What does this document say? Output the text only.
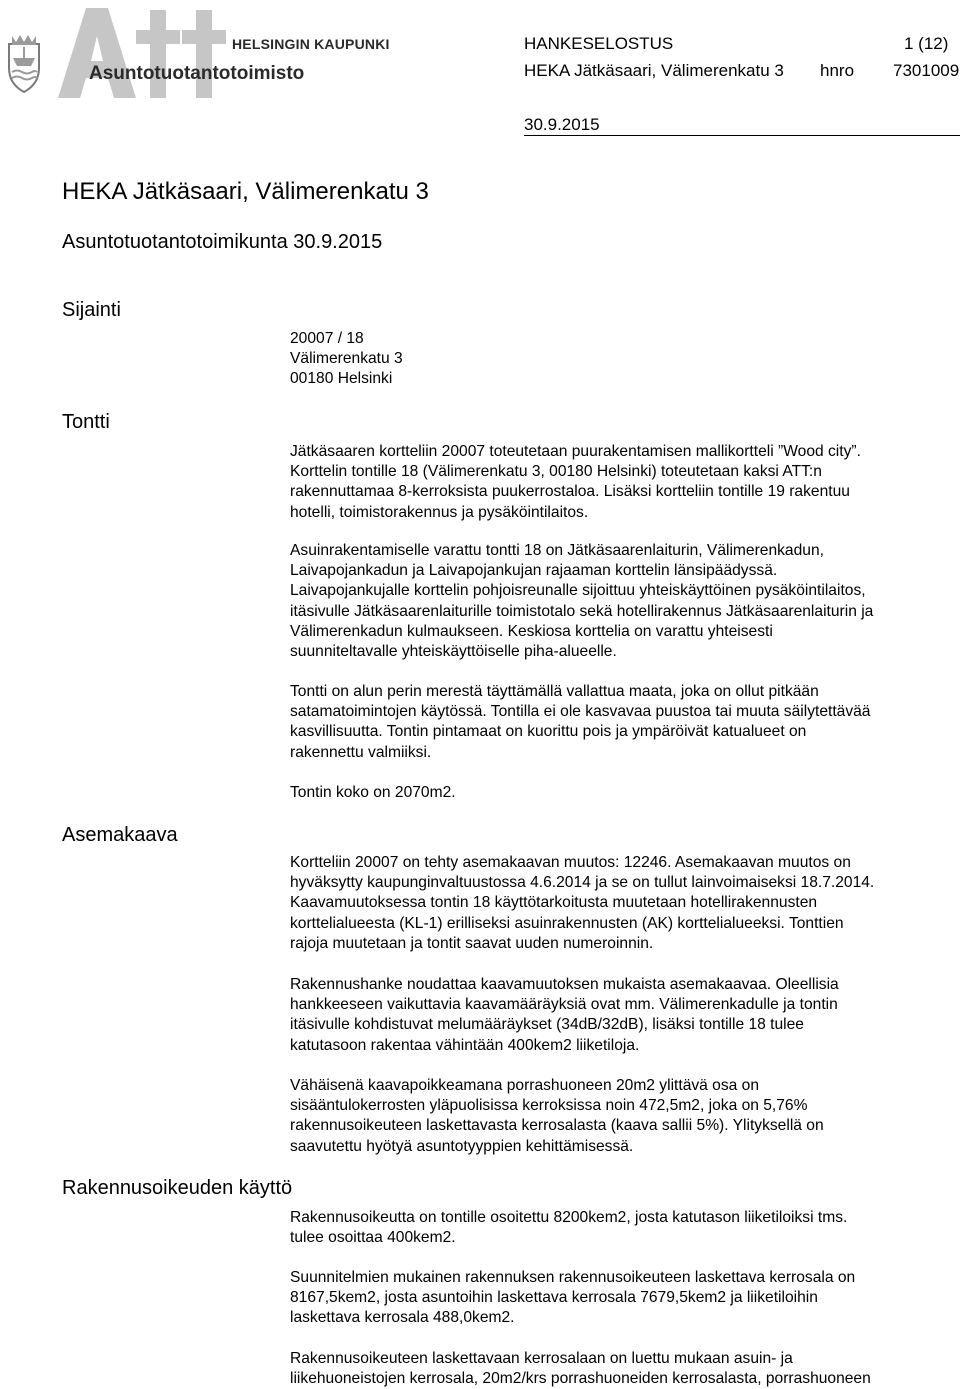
HELSINGIN KAUPUNKI
Asuntotuotantotoimisto
HANKESELOSTUS	1 (12)
HEKA Jätkäsaari, Välimerenkatu 3 hnro 7301009
30.9.2015
HEKA Jätkäsaari, Välimerenkatu 3
Asuntotuotantotoimikunta 30.9.2015
Sijainti
Tontti
Asemakaava
Rakennusoikeuden käyttö
20007 / 18
Välimerenkatu 3
00180 Helsinki
Jätkäsaaren kortteliin 20007 toteutetaan puurakentamisen mallikortteli ”Wood city”.
Korttelin tontille 18 (Välimerenkatu 3, 00180 Helsinki) toteutetaan kaksi ATT:n
rakennuttamaa 8-kerroksista puukerrostaloa. Lisäksi kortteliin tontille 19 rakentuu
hotelli, toimistorakennus ja pysäköintilaitos.
Asuinrakentamiselle varattu tontti 18 on Jätkäsaarenlaiturin, Välimerenkadun,
Laivapojankadun ja Laivapojankujan rajaaman korttelin länsipäädyssä.
Laivapojankujalle korttelin pohjoisreunalle sijoittuu yhteiskäyttöinen pysäköintilaitos,
itäsivulle Jätkäsaarenlaiturille toimistotalo sekä hotellirakennus Jätkäsaarenlaiturin ja
Välimerenkadun kulmaukseen. Keskiosa korttelia on varattu yhteisesti
suunniteltavalle yhteiskäyttöiselle piha-alueelle.
Tontti on alun perin merestä täyttämällä vallattua maata, joka on ollut pitkään
satamatoimintojen käytössä. Tontilla ei ole kasvavaa puustoa tai muuta säilytettävää
kasvillisuutta. Tontin pintamaat on kuorittu pois ja ympäröivät katualueet on
rakennettu valmiiksi.
Tontin koko on 2070m2.
Kortteliin 20007 on tehty asemakaavan muutos: 12246. Asemakaavan muutos on
hyväksytty kaupunginvaltuustossa 4.6.2014 ja se on tullut lainvoimaiseksi 18.7.2014.
Kaavamuutoksessa tontin 18 käyttötarkoitusta muutetaan hotellirakennusten
korttelialueesta (KL-1) erilliseksi asuinrakennusten (AK) korttelialueeksi. Tonttien
rajoja muutetaan ja tontit saavat uuden numeroinnin.
Rakennushanke noudattaa kaavamuutoksen mukaista asemakaavaa. Oleellisia
hankkeeseen vaikuttavia kaavamääräyksiä ovat mm. Välimerenkadulle ja tontin
itäsivulle kohdistuvat melumääräykset (34dB/32dB), lisäksi tontille 18 tulee
katutasoon rakentaa vähintään 400kem2 liiketiloja.
Vähäisenä kaavapoikkeamana porrashuoneen 20m2 ylittävä osa on
sisääntulokerrosten yläpuolisissa kerroksissa noin 472,5m2, joka on 5,76%
rakennusoikeuteen laskettavasta kerrosalasta (kaava sallii 5%). Ylityksellä on
saavutettu hyötyä asuntotyyppien kehittämisessä.
Rakennusoikeutta on tontille osoitettu 8200kem2, josta katutason liiketiloiksi tms.
tulee osoittaa 400kem2.
Suunnitelmien mukainen rakennuksen rakennusoikeuteen laskettava kerrosala on
8167,5kem2, josta asuntoihin laskettava kerrosala 7679,5kem2 ja liiketiloihin
laskettava kerrosala 488,0kem2.
Rakennusoikeuteen laskettavaan kerrosalaan on luettu mukaan asuin- ja
liikehuoneistojen kerrosala, 20m2/krs porrashuoneiden kerrosalasta, porrashuoneen
